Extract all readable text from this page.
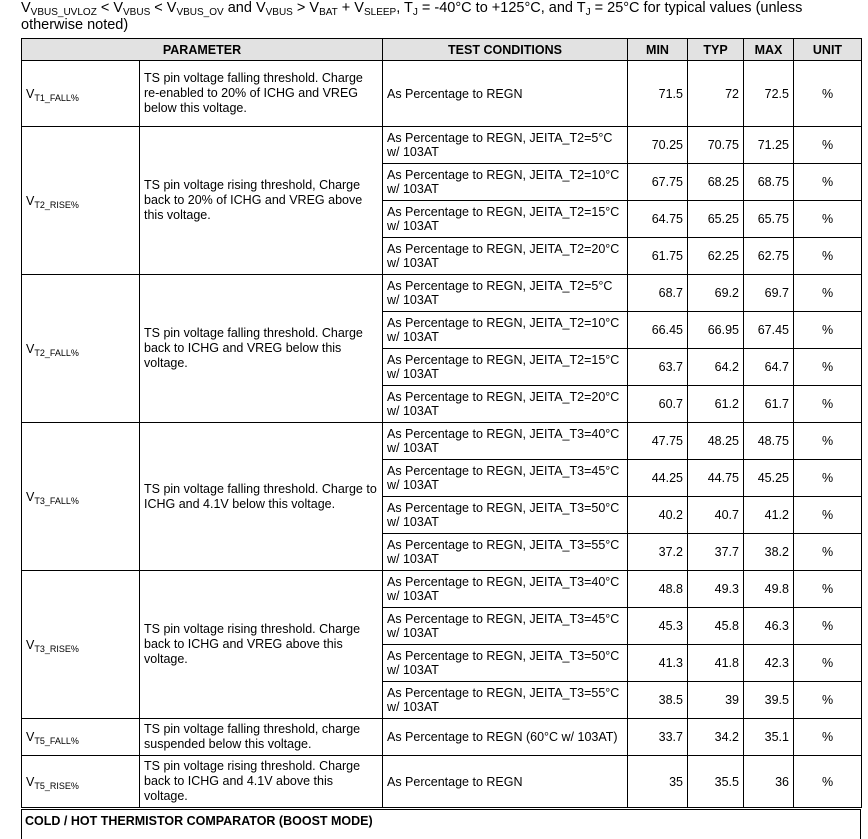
$V_{VBUS\_UVLOZ} < V_{VBUS} < V_{VBUS\_OV}$ and $V_{VBUS} > V_{BAT} + V_{SLEEP}$, $T_J = -40^\circ C$ to +125°C, and $T_J = 25^\circ C$ for typical values (unless otherwise noted)
PARAMETER		TEST CONDITIONS	MIN	TYP	MAX	UNIT
$V_{T1\_FALL\%}$	TS pin voltage falling threshold. Charge re-enabled to 20% of ICHG and VREG below this voltage.	As Percentage to REGN	71.5	72	72.5	%
$V_{T2\_RISE\%}$	TS pin voltage rising threshold, Charge back to 20% of ICHG and VREG above this voltage.	As Percentage to REGN, JEITA_T2=5°C w/ 103AT	70.25	70.75	71.25	%
		As Percentage to REGN, JEITA_T2=10°C w/ 103AT	67.75	68.25	68.75	%
		As Percentage to REGN, JEITA_T2=15°C w/ 103AT	64.75	65.25	65.75	%
		As Percentage to REGN, JEITA_T2=20°C w/ 103AT	61.75	62.25	62.75	%
$V_{T2\_FALL\%}$	TS pin voltage falling threshold. Charge back to ICHG and VREG below this voltage.	As Percentage to REGN, JEITA_T2=5°C w/ 103AT	68.7	69.2	69.7	%
		As Percentage to REGN, JEITA_T2=10°C w/ 103AT	66.45	66.95	67.45	%
		As Percentage to REGN, JEITA_T2=15°C w/ 103AT	63.7	64.2	64.7	%
		As Percentage to REGN, JEITA_T2=20°C w/ 103AT	60.7	61.2	61.7	%
$V_{T3\_FALL\%}$	TS pin voltage falling threshold. Charge to ICHG and 4.1V below this voltage.	As Percentage to REGN, JEITA_T3=40°C w/ 103AT	47.75	48.25	48.75	%
		As Percentage to REGN, JEITA_T3=45°C w/ 103AT	44.25	44.75	45.25	%
		As Percentage to REGN, JEITA_T3=50°C w/ 103AT	40.2	40.7	41.2	%
		As Percentage to REGN, JEITA_T3=55°C w/ 103AT	37.2	37.7	38.2	%
$V_{T3\_RISE\%}$	TS pin voltage rising threshold. Charge back to ICHG and VREG above this voltage.	As Percentage to REGN, JEITA_T3=40°C w/ 103AT	48.8	49.3	49.8	%
		As Percentage to REGN, JEITA_T3=45°C w/ 103AT	45.3	45.8	46.3	%
		As Percentage to REGN, JEITA_T3=50°C w/ 103AT	41.3	41.8	42.3	%
		As Percentage to REGN, JEITA_T3=55°C w/ 103AT	38.5	39	39.5	%
$V_{T5\_FALL\%}$	TS pin voltage falling threshold, charge suspended below this voltage.	As Percentage to REGN (60°C w/ 103AT)	33.7	34.2	35.1	%
$V_{T5\_RISE\%}$	TS pin voltage rising threshold. Charge back to ICHG and 4.1V above this voltage.	As Percentage to REGN	35	35.5	36	%
COLD / HOT THERMISTOR COMPARATOR (BOOST MODE)
